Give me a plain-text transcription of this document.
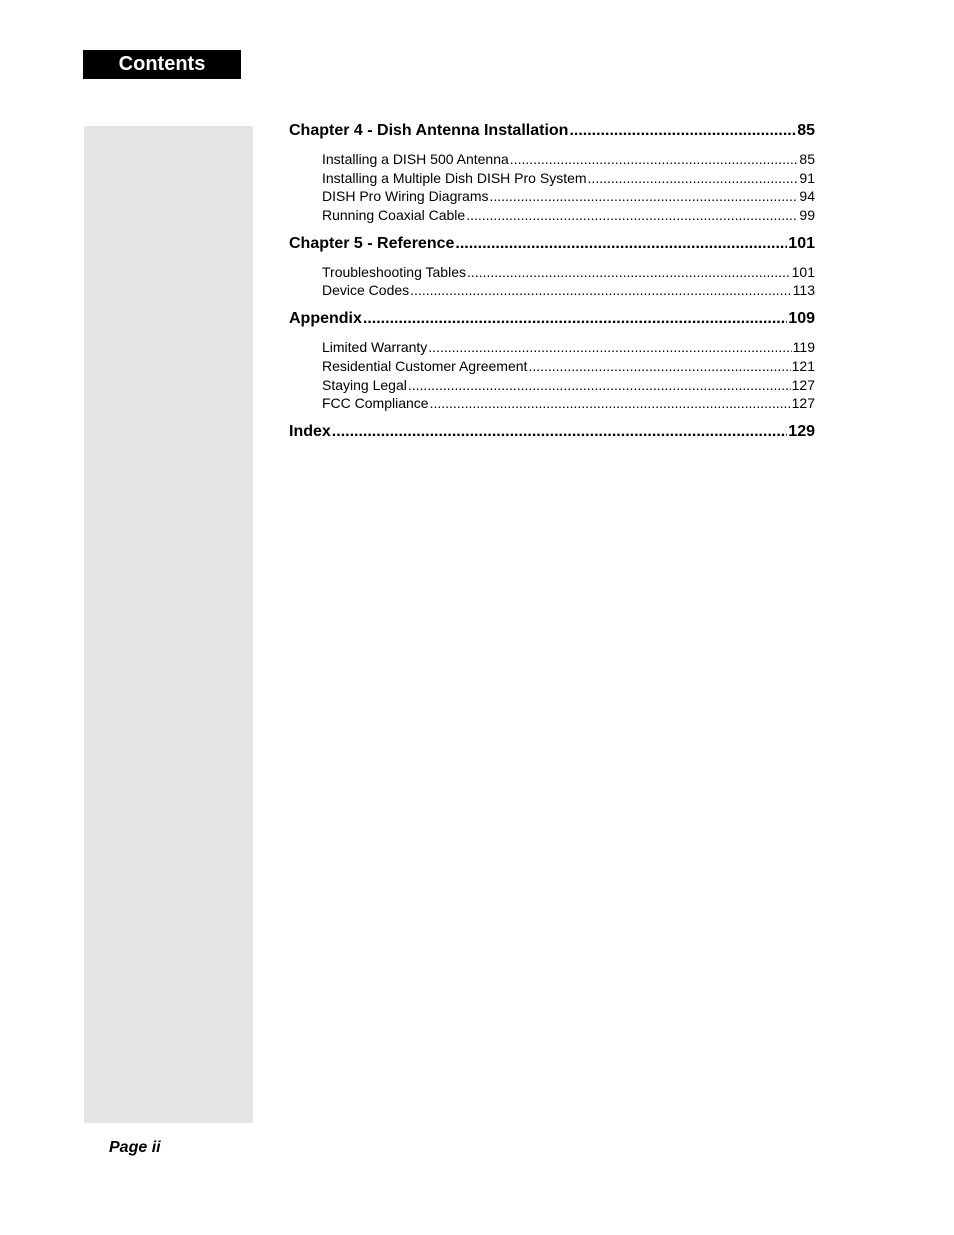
Contents
Chapter 4 - Dish Antenna Installation .....	85
Installing a DISH 500 Antenna .....	85
Installing a Multiple Dish DISH Pro System .....	91
DISH Pro Wiring Diagrams .....	94
Running Coaxial Cable .....	99
Chapter 5 - Reference .....	101
Troubleshooting Tables .....	101
Device Codes .....	113
Appendix .....	109
Limited Warranty .....	119
Residential Customer Agreement .....	121
Staying Legal .....	127
FCC Compliance .....	127
Index .....	129
Page ii
